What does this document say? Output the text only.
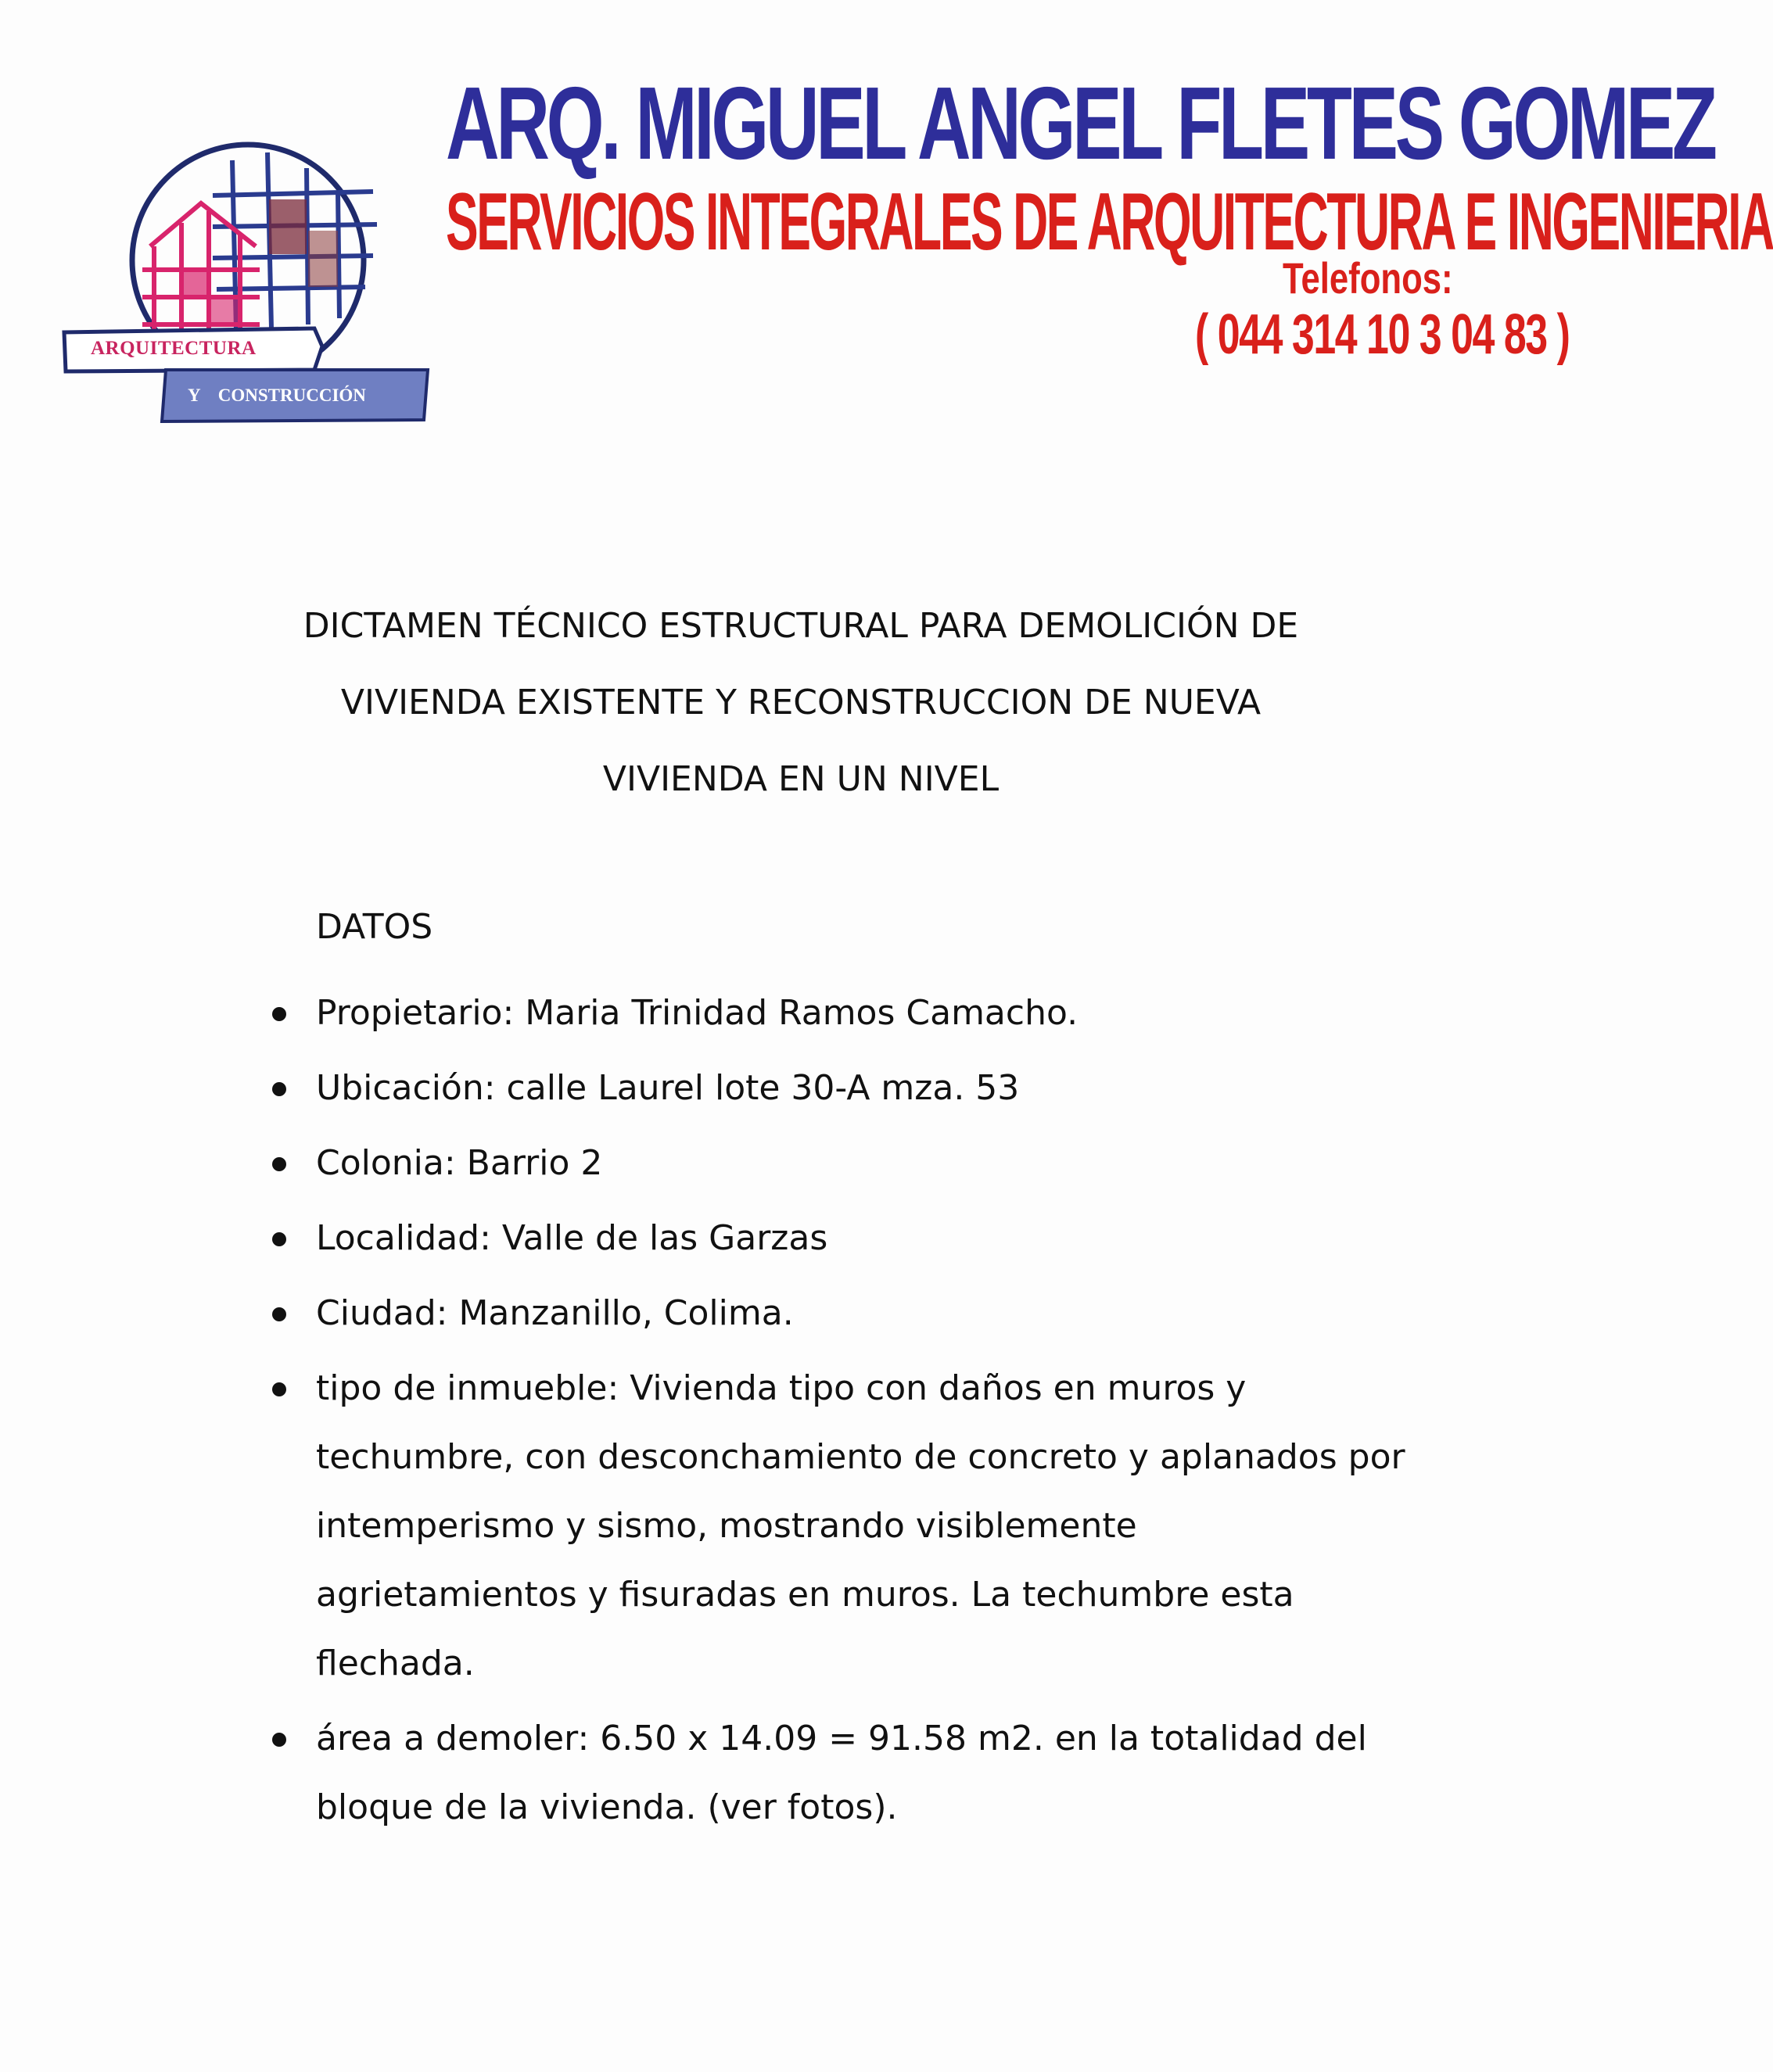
ARQUITECTURA
Y    CONSTRUCCIÓN
ARQ. MIGUEL ANGEL FLETES GOMEZ
SERVICIOS INTEGRALES DE ARQUITECTURA E INGENIERIA
Telefonos:
( 044 314 10 3 04 83 )
DICTAMEN TÉCNICO ESTRUCTURAL PARA DEMOLICIÓN DE
VIVIENDA EXISTENTE Y RECONSTRUCCION DE NUEVA
VIVIENDA EN UN NIVEL
DATOS
Propietario: Maria Trinidad Ramos Camacho.
Ubicación: calle Laurel lote 30-A mza. 53
Colonia: Barrio 2
Localidad: Valle de las Garzas
Ciudad: Manzanillo, Colima.
tipo de inmueble: Vivienda tipo con daños en muros y techumbre, con desconchamiento de concreto y aplanados por intemperismo y sismo, mostrando visiblemente agrietamientos y fisuradas en muros. La techumbre esta flechada.
área a demoler: 6.50 x 14.09 = 91.58 m2. en la totalidad del bloque de la vivienda. (ver fotos).
